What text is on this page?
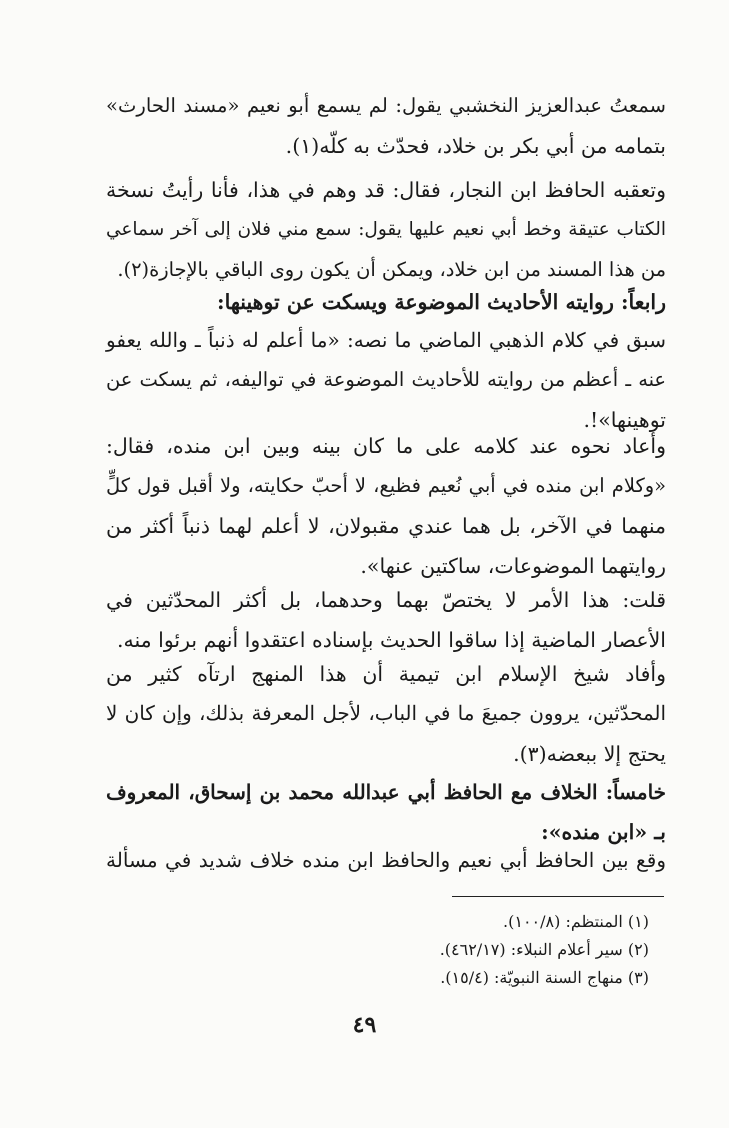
سمعتُ عبدالعزيز النخشبي يقول: لم يسمع أبو نعيم «مسند الحارث»
بتمامه من أبي بكر بن خلاد، فحدّث به كلّه(١).
وتعقبه الحافظ ابن النجار، فقال: قد وهم في هذا، فأنا رأيتُ نسخة
الكتاب عتيقة وخط أبي نعيم عليها يقول: سمع مني فلان إلى آخر سماعي
من هذا المسند من ابن خلاد، ويمكن أن يكون روى الباقي بالإجازة(٢).
رابعاً: روايته الأحاديث الموضوعة ويسكت عن توهينها:
سبق في كلام الذهبي الماضي ما نصه: «ما أعلم له ذنباً ـ والله يعفو
عنه ـ أعظم من روايته للأحاديث الموضوعة في تواليفه، ثم يسكت عن
توهينها»!.
وأعاد نحوه عند كلامه على ما كان بينه وبين ابن منده، فقال:
«وكلام ابن منده في أبي نُعيم فظيع، لا أحبّ حكايته، ولا أقبل قول كلٍّ
منهما في الآخر، بل هما عندي مقبولان، لا أعلم لهما ذنباً أكثر من
روايتهما الموضوعات، ساكتين عنها».
قلت: هذا الأمر لا يختصّ بهما وحدهما، بل أكثر المحدّثين في
الأعصار الماضية إذا ساقوا الحديث بإسناده اعتقدوا أنهم برئوا منه.
وأفاد شيخ الإسلام ابن تيمية أن هذا المنهج ارتآه كثير من
المحدّثين، يروون جميعَ ما في الباب، لأجل المعرفة بذلك، وإن كان لا
يحتج إلا ببعضه(٣).
خامساً: الخلاف مع الحافظ أبي عبدالله محمد بن إسحاق، المعروف
بـ «ابن منده»:
وقع بين الحافظ أبي نعيم والحافظ ابن منده خلاف شديد في مسألة
(١) المنتظم: (١٠٠/٨).
(٢) سير أعلام النبلاء: (٤٦٢/١٧).
(٣) منهاج السنة النبويّة: (١٥/٤).
٤٩
